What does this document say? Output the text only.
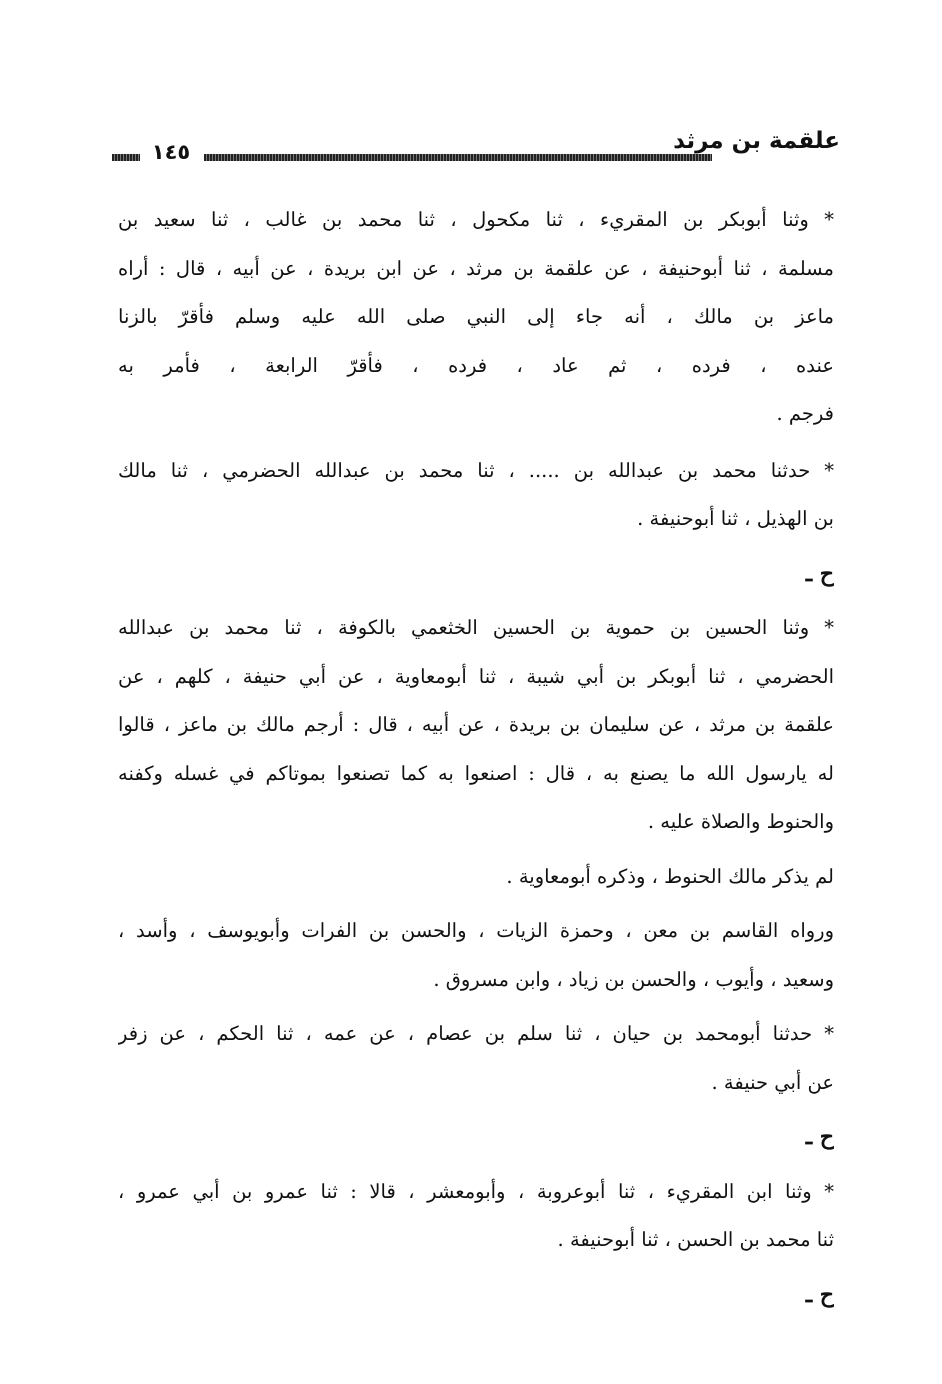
علقمة بن مرثد
١٤٥
* وثنا أبوبكر بن المقريء ، ثنا مكحول ، ثنا محمد بن غالب ، ثنا سعيد بن
مسلمة ، ثنا أبوحنيفة ، عن علقمة بن مرثد ، عن ابن بريدة ، عن أبيه ، قال : أراه
ماعز بن مالك ، أنه جاء إلى النبي صلى الله عليه وسلم فأقرّ بالزنا
عنده ، فرده ، ثم عاد ، فرده ، فأقرّ الرابعة ، فأمر به
فرجم .
* حدثنا محمد بن عبدالله بن ..... ، ثنا محمد بن عبدالله الحضرمي ، ثنا مالك
بن الهذيل ، ثنا أبوحنيفة .
ح ـ
* وثنا الحسين بن حموية بن الحسين الخثعمي بالكوفة ، ثنا محمد بن عبدالله
الحضرمي ، ثنا أبوبكر بن أبي شيبة ، ثنا أبومعاوية ، عن أبي حنيفة ، كلهم ، عن
علقمة بن مرثد ، عن سليمان بن بريدة ، عن أبيه ، قال : أرجم مالك بن ماعز ، قالوا
له يارسول الله ما يصنع به ، قال : اصنعوا به كما تصنعوا بموتاكم في غسله وكفنه
والحنوط والصلاة عليه .
لم يذكر مالك الحنوط ، وذكره أبومعاوية .
ورواه القاسم بن معن ، وحمزة الزيات ، والحسن بن الفرات وأبويوسف ، وأسد ،
وسعيد ، وأيوب ، والحسن بن زياد ، وابن مسروق .
* حدثنا أبومحمد بن حيان ، ثنا سلم بن عصام ، عن عمه ، ثنا الحكم ، عن زفر
عن أبي حنيفة .
ح ـ
* وثنا ابن المقريء ، ثنا أبوعروبة ، وأبومعشر ، قالا : ثنا عمرو بن أبي عمرو ،
ثنا محمد بن الحسن ، ثنا أبوحنيفة .
ح ـ
